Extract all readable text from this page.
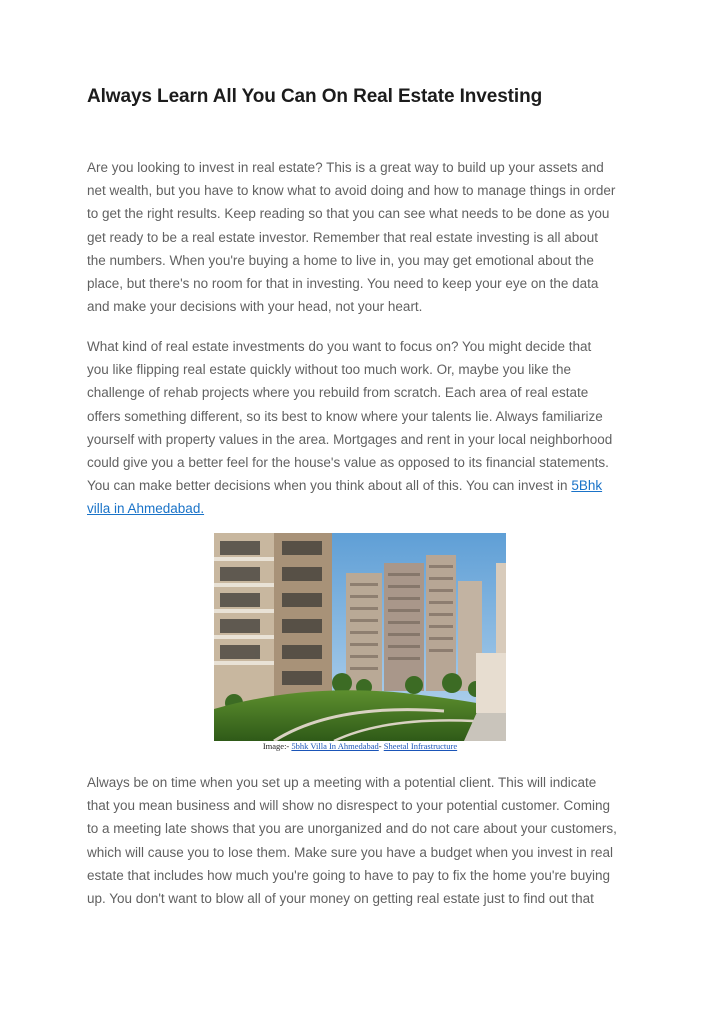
Always Learn All You Can On Real Estate Investing

Are you looking to invest in real estate? This is a great way to build up your assets and
net wealth, but you have to know what to avoid doing and how to manage things in order
to get the right results. Keep reading so that you can see what needs to be done as you
get ready to be a real estate investor. Remember that real estate investing is all about
the numbers. When you're buying a home to live in, you may get emotional about the
place, but there's no room for that in investing. You need to keep your eye on the data
and make your decisions with your head, not your heart.

What kind of real estate investments do you want to focus on? You might decide that
you like flipping real estate quickly without too much work. Or, maybe you like the
challenge of rehab projects where you rebuild from scratch. Each area of real estate
offers something different, so its best to know where your talents lie. Always familiarize
yourself with property values in the area. Mortgages and rent in your local neighborhood
could give you a better feel for the house's value as opposed to its financial statements.
You can make better decisions when you think about all of this. You can invest in 5Bhk
villa in Ahmedabad.

Image:- 5bhk Villa In Ahmedabad- Sheetal Infrastructure

Always be on time when you set up a meeting with a potential client. This will indicate
that you mean business and will show no disrespect to your potential customer. Coming
to a meeting late shows that you are unorganized and do not care about your customers,
which will cause you to lose them. Make sure you have a budget when you invest in real
estate that includes how much you're going to have to pay to fix the home you're buying
up. You don't want to blow all of your money on getting real estate just to find out that
